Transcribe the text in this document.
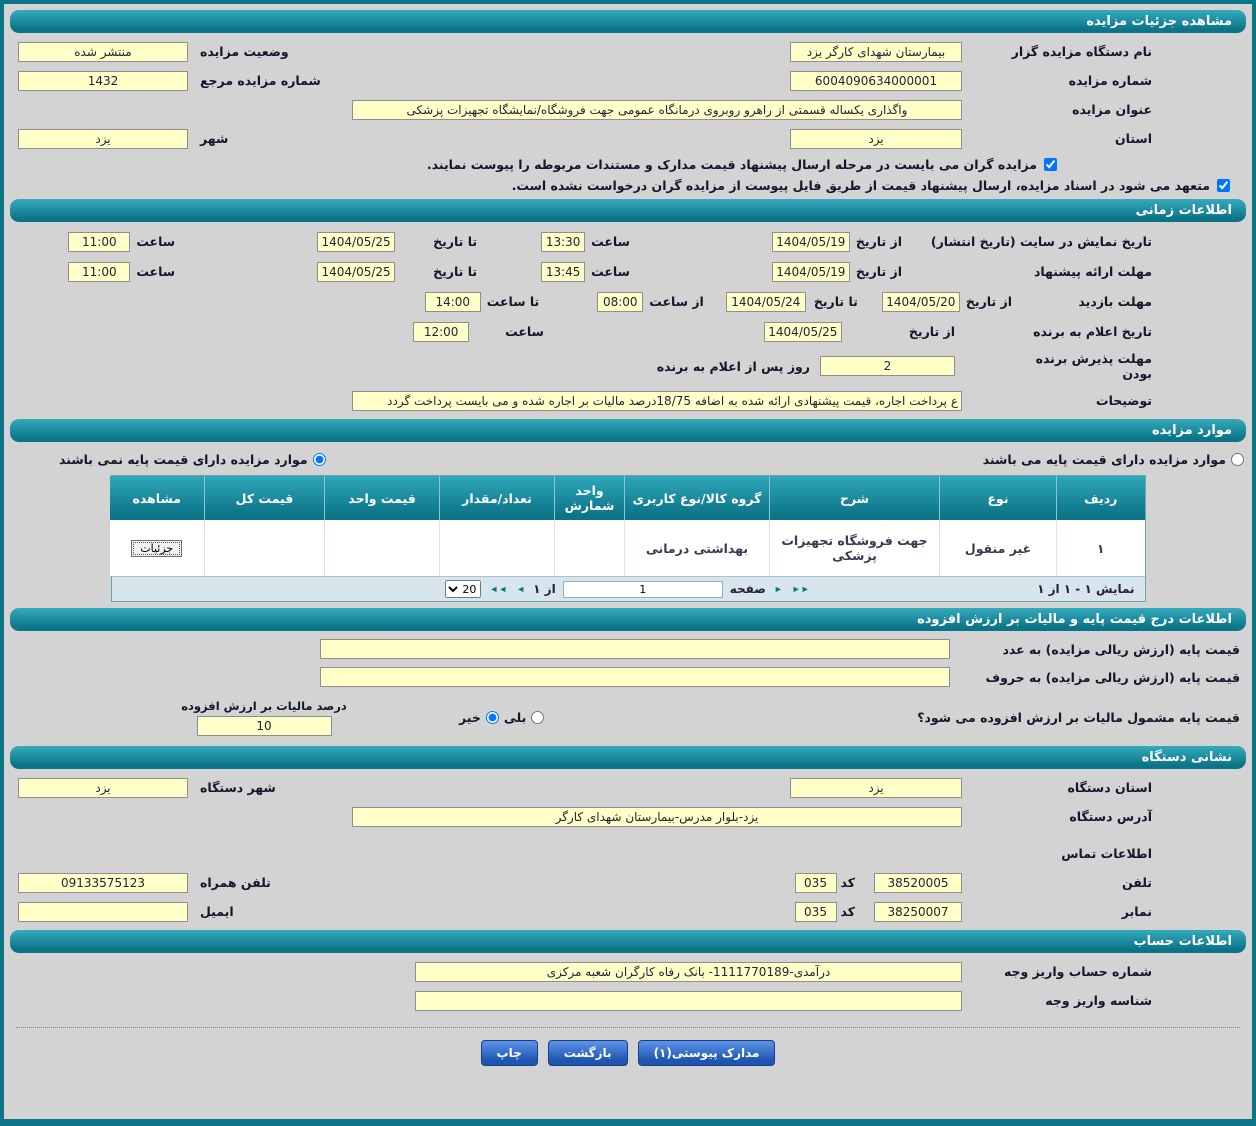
مشاهده جزئیات مزایده
نام دستگاه مزایده گزار
بیمارستان شهدای کارگر یزد
وضعیت مزایده
منتشر شده
شماره مزایده
6004090634000001
شماره مزایده مرجع
1432
عنوان مزایده
واگذاری یکساله قسمتی از راهرو روبروی درمانگاه عمومی جهت فروشگاه/نمایشگاه تجهیزات پزشکی
استان
یزد
شهر
یزد
مزایده گران می بایست در مرحله ارسال پیشنهاد قیمت مدارک و مستندات مربوطه را پیوست نمایند.
متعهد می شود در اسناد مزایده، ارسال پیشنهاد قیمت از طریق فایل پیوست از مزایده گران درخواست نشده است.
اطلاعات زمانی
تاریخ نمایش در سایت (تاریخ انتشار)
از تاریخ
1404/05/19
ساعت
13:30
تا تاریخ
1404/05/25
ساعت
11:00
مهلت ارائه پیشنهاد
از تاریخ
1404/05/19
ساعت
13:45
تا تاریخ
1404/05/25
ساعت
11:00
مهلت بازدید
از تاریخ
1404/05/20
تا تاریخ
1404/05/24
از ساعت
08:00
تا ساعت
14:00
تاریخ اعلام به برنده
از تاریخ
1404/05/25
ساعت
12:00
مهلت پذیرش برنده بودن
2
روز پس از اعلام به برنده
توضیحات
ع پرداخت اجاره، قیمت پیشنهادی ارائه شده به اضافه 18/75درصد مالیات بر اجاره شده و می بایست پرداخت گردد
موارد مزایده
موارد مزایده دارای قیمت پایه می باشند
موارد مزایده دارای قیمت پایه نمی باشند
ردیف	نوع	شرح	گروه کالا/نوع کاربری	واحد شمارش	تعداد/مقدار	قیمت واحد	قیمت کل	مشاهده
۱	غیر منقول	جهت فروشگاه تجهیزات پزشکی	بهداشتی درمانی					جزئیات
نمایش ۱ - ۱ از ۱
►►
►
صفحه
1
از ۱
◄
◄◄
20
اطلاعات درج قیمت پایه و مالیات بر ارزش افزوده
قیمت پایه (ارزش ریالی مزایده) به عدد
قیمت پایه (ارزش ریالی مزایده) به حروف
قیمت پایه مشمول مالیات بر ارزش افزوده می شود؟
بلی
خیر
درصد مالیات بر ارزش افزوده
10
نشانی دستگاه
استان دستگاه
یزد
شهر دستگاه
یزد
آدرس دستگاه
یزد-بلوار مدرس-بیمارستان شهدای کارگر
اطلاعات تماس
تلفن
38520005
کد
035
تلفن همراه
09133575123
نمابر
38250007
کد
035
ایمیل
اطلاعات حساب
شماره حساب واریز وجه
درآمدی-1111770189- بانک رفاه کارگران شعبه مرکزی
شناسه واریز وجه
مدارک پیوستی(۱)
بازگشت
چاپ
